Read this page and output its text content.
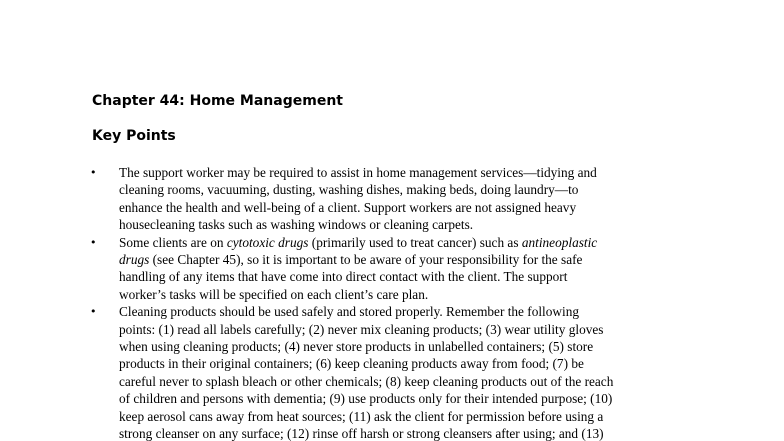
Chapter 44: Home Management
Key Points
• The support worker may be required to assist in home management services—tidying and
cleaning rooms, vacuuming, dusting, washing dishes, making beds, doing laundry—to
enhance the health and well-being of a client. Support workers are not assigned heavy
housecleaning tasks such as washing windows or cleaning carpets.

• Some clients are on cytotoxic drugs (primarily used to treat cancer) such as antineoplastic
drugs (see Chapter 45), so it is important to be aware of your responsibility for the safe
handling of any items that have come into direct contact with the client. The support
worker’s tasks will be specified on each client’s care plan.

• Cleaning products should be used safely and stored properly. Remember the following
points: (1) read all labels carefully; (2) never mix cleaning products; (3) wear utility gloves
when using cleaning products; (4) never store products in unlabelled containers; (5) store
products in their original containers; (6) keep cleaning products away from food; (7) be
careful never to splash bleach or other chemicals; (8) keep cleaning products out of the reach
of children and persons with dementia; (9) use products only for their intended purpose; (10)
keep aerosol cans away from heat sources; (11) ask the client for permission before using a
strong cleanser on any surface; (12) rinse off harsh or strong cleansers after using; and (13)
